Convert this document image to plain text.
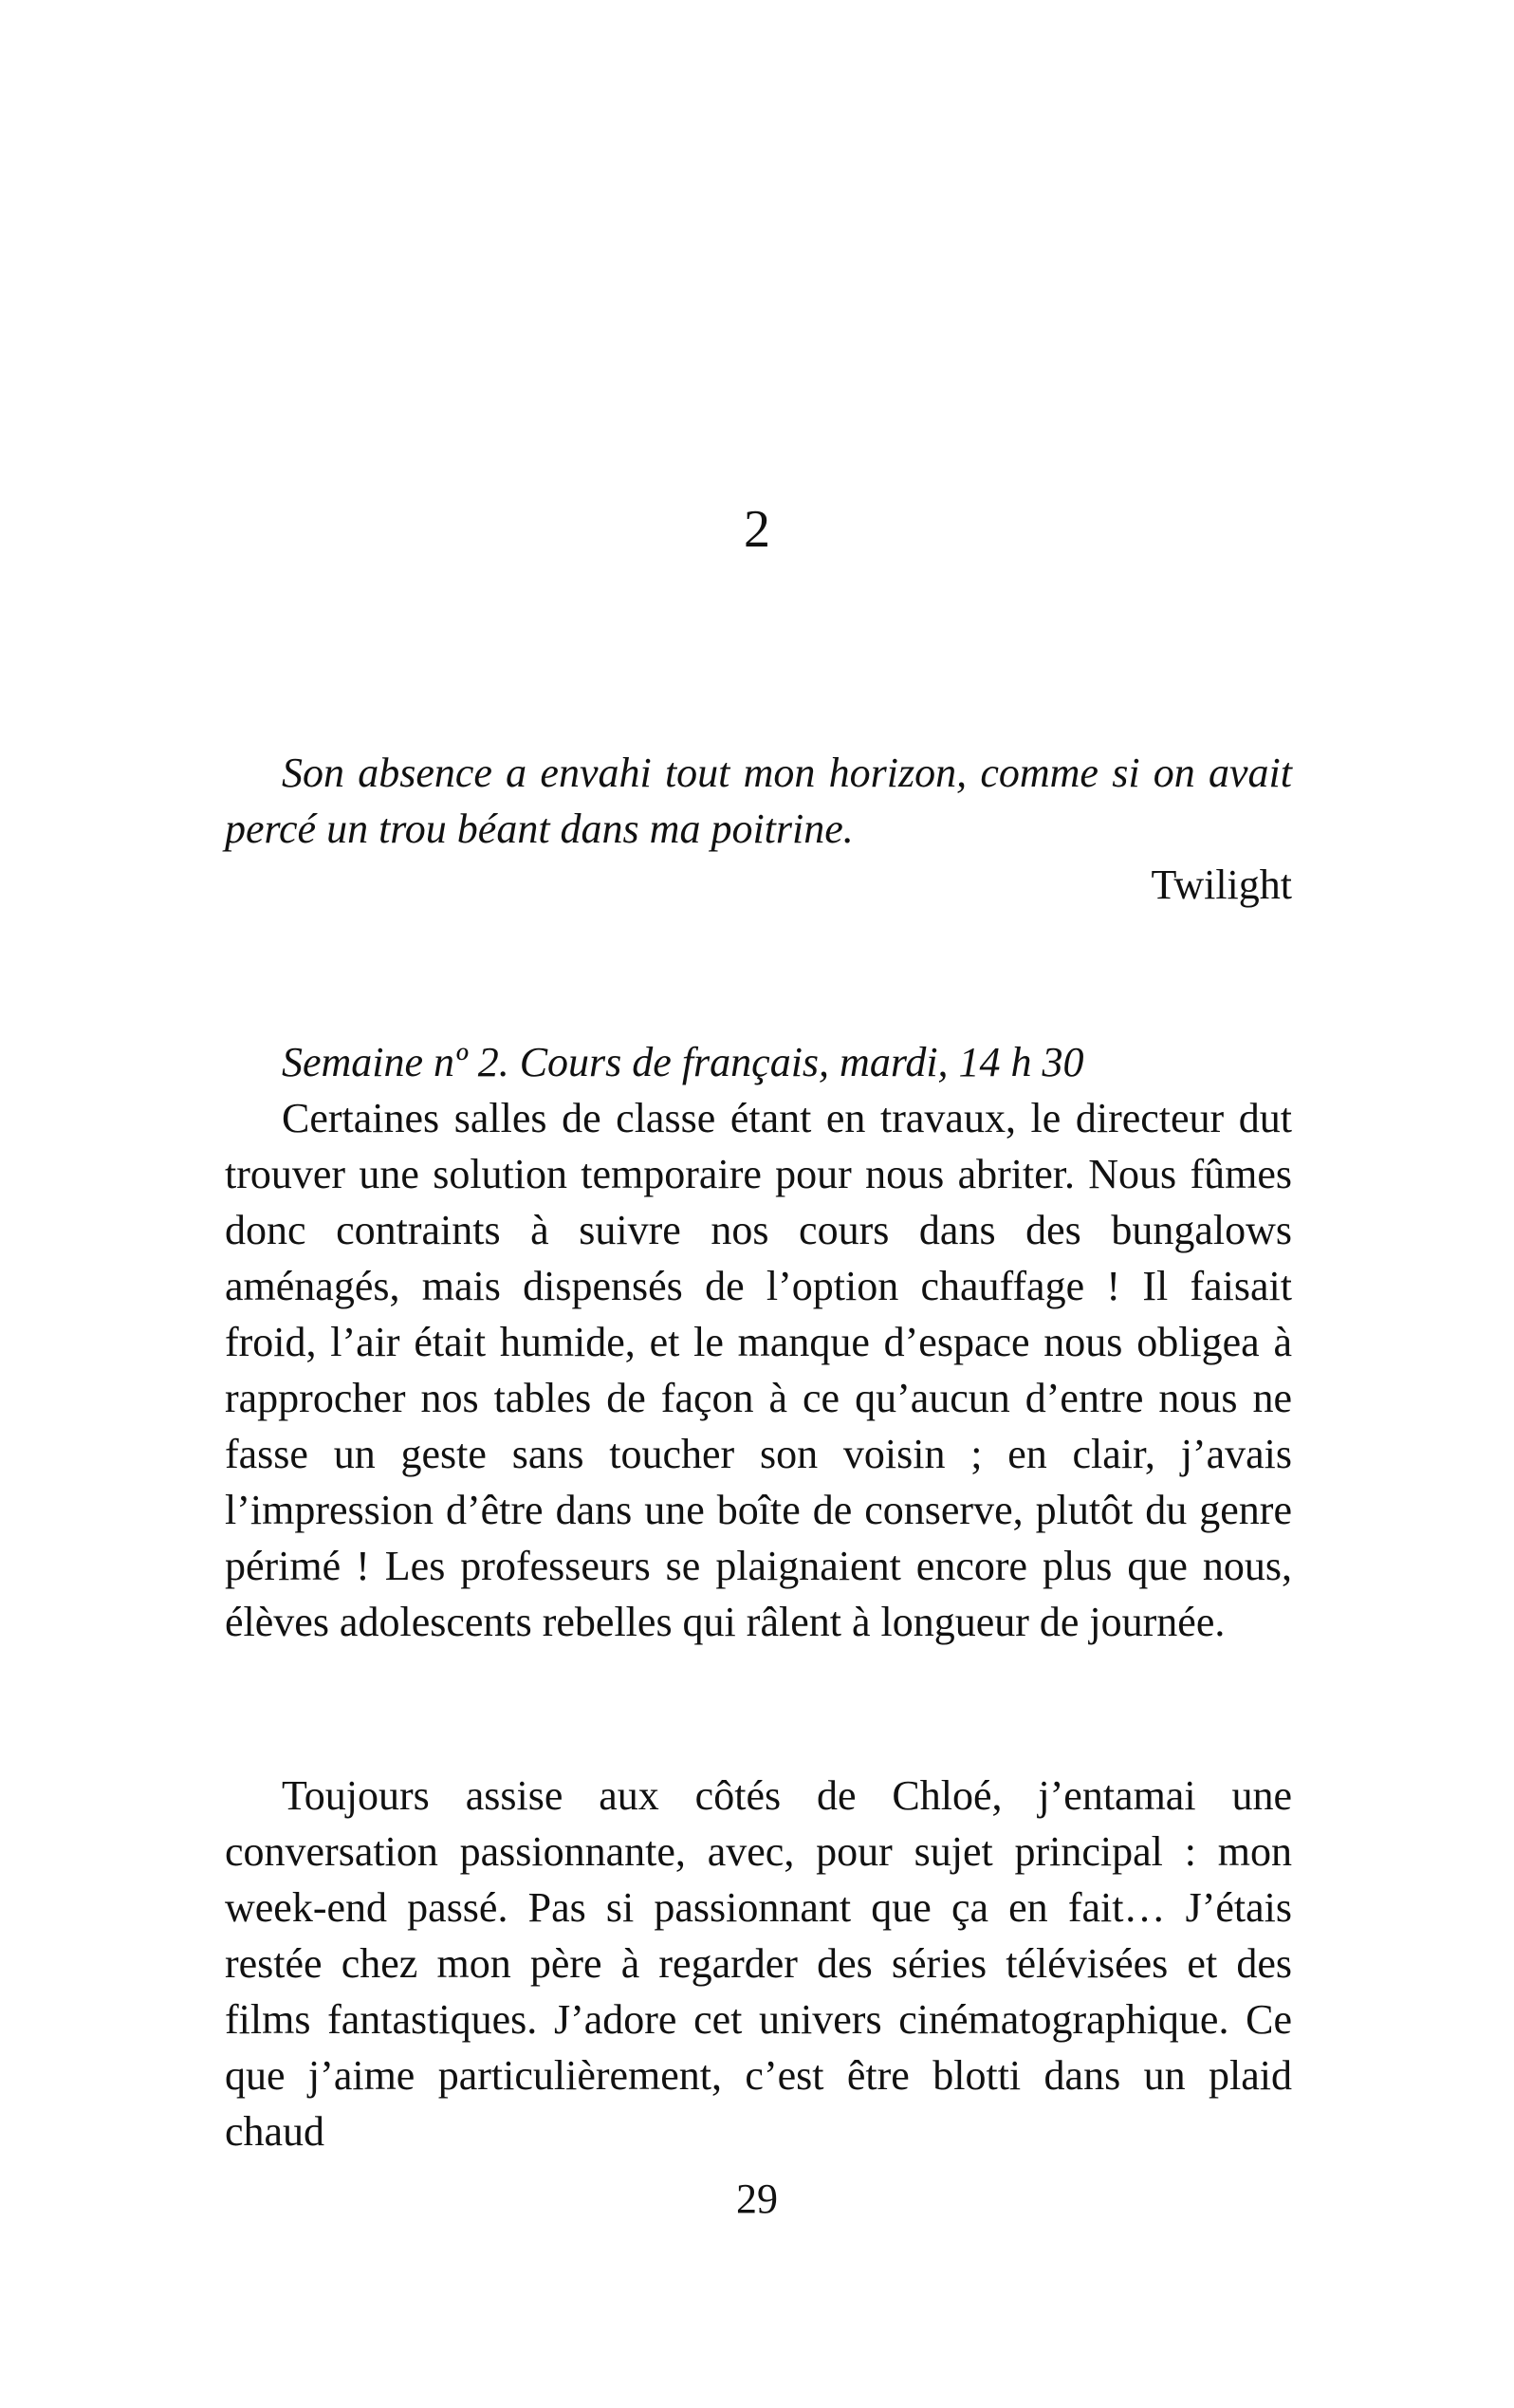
2

Son absence a envahi tout mon horizon, comme si on avait percé un trou béant dans ma poitrine.

Twilight

Semaine nº 2. Cours de français, mardi, 14 h 30

Certaines salles de classe étant en travaux, le directeur dut trouver une solution temporaire pour nous abriter. Nous fûmes donc contraints à suivre nos cours dans des bungalows aménagés, mais dispensés de l’option chauffage ! Il faisait froid, l’air était humide, et le manque d’espace nous obligea à rapprocher nos tables de façon à ce qu’aucun d’entre nous ne fasse un geste sans toucher son voisin ; en clair, j’avais l’impression d’être dans une boîte de conserve, plutôt du genre périmé ! Les professeurs se plaignaient encore plus que nous, élèves adolescents rebelles qui râlent à longueur de journée.

Toujours assise aux côtés de Chloé, j’entamai une conversation passionnante, avec, pour sujet principal : mon week-end passé. Pas si passionnant que ça en fait… J’étais restée chez mon père à regarder des séries télévisées et des films fantastiques. J’adore cet univers cinématographique. Ce que j’aime particulièrement, c’est être blotti dans un plaid chaud

29
